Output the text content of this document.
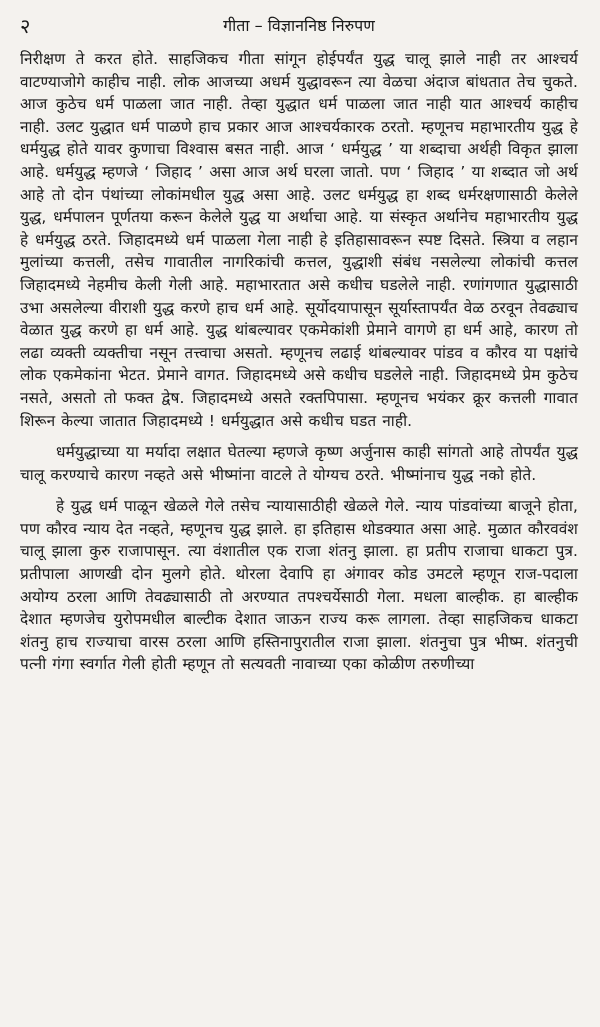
२	गीता – विज्ञाननिष्ठ निरुपण

निरीक्षण ते करत होते. साहजिकच गीता सांगून होईपर्यंत युद्ध चालू झाले नाही तर आश्चर्य वाटण्याजोगे काहीच नाही. लोक आजच्या अधर्म युद्धावरून त्या वेळचा अंदाज बांधतात तेच चुकते. आज कुठेच धर्म पाळला जात नाही. तेव्हा युद्धात धर्म पाळला जात नाही यात आश्चर्य काहीच नाही. उलट युद्धात धर्म पाळणे हाच प्रकार आज आश्चर्यकारक ठरतो. म्हणूनच महाभारतीय युद्ध हे धर्मयुद्ध होते यावर कुणाचा विश्वास बसत नाही. आज ‘ धर्मयुद्ध ’ या शब्दाचा अर्थही विकृत झाला आहे. धर्मयुद्ध म्हणजे ‘ जिहाद ’ असा आज अर्थ घरला जातो. पण ‘ जिहाद ’ या शब्दात जो अर्थ आहे तो दोन पंथांच्या लोकांमधील युद्ध असा आहे. उलट धर्मयुद्ध हा शब्द धर्मरक्षणासाठी केलेले युद्ध, धर्मपालन पूर्णतया करून केलेले युद्ध या अर्थाचा आहे. या संस्कृत अर्थानेच महाभारतीय युद्ध हे धर्मयुद्ध ठरते. जिहादमध्ये धर्म पाळला गेला नाही हे इतिहासावरून स्पष्ट दिसते. स्त्रिया व लहान मुलांच्या कत्तली, तसेच गावातील नागरिकांची कत्तल, युद्धाशी संबंध नसलेल्या लोकांची कत्तल जिहादमध्ये नेहमीच केली गेली आहे. महाभारतात असे कधीच घडलेले नाही. रणांगणात युद्धासाठी उभा असलेल्या वीराशी युद्ध करणे हाच धर्म आहे. सूर्योदयापासून सूर्यास्तापर्यंत वेळ ठरवून तेवढ्याच वेळात युद्ध करणे हा धर्म आहे. युद्ध थांबल्यावर एकमेकांशी प्रेमाने वागणे हा धर्म आहे, कारण तो लढा व्यक्ती व्यक्तीचा नसून तत्त्वाचा असतो. म्हणूनच लढाई थांबल्यावर पांडव व कौरव या पक्षांचे लोक एकमेकांना भेटत. प्रेमाने वागत. जिहादमध्ये असे कधीच घडलेले नाही. जिहादमध्ये प्रेम कुठेच नसते, असतो तो फक्त द्वेष. जिहादमध्ये असते रक्तपिपासा. म्हणूनच भयंकर क्रूर कत्तली गावात शिरून केल्या जातात जिहादमध्ये ! धर्मयुद्धात असे कधीच घडत नाही.

धर्मयुद्धाच्या या मर्यादा लक्षात घेतल्या म्हणजे कृष्ण अर्जुनास काही सांगतो आहे तोपर्यंत युद्ध चालू करण्याचे कारण नव्हते असे भीष्मांना वाटले ते योग्यच ठरते. भीष्मांनाच युद्ध नको होते.

हे युद्ध धर्म पाळून खेळले गेले तसेच न्यायासाठीही खेळले गेले. न्याय पांडवांच्या बाजूने होता, पण कौरव न्याय देत नव्हते, म्हणूनच युद्ध झाले. हा इतिहास थोडक्यात असा आहे. मुळात कौरववंश चालू झाला कुरु राजापासून. त्या वंशातील एक राजा शंतनु झाला. हा प्रतीप राजाचा धाकटा पुत्र. प्रतीपाला आणखी दोन मुलगे होते. थोरला देवापि हा अंगावर कोड उमटले म्हणून राज-पदाला अयोग्य ठरला आणि तेवढ्यासाठी तो अरण्यात तपश्चर्येसाठी गेला. मधला बाल्हीक. हा बाल्हीक देशात म्हणजेच युरोपमधील बाल्टीक देशात जाऊन राज्य करू लागला. तेव्हा साहजिकच धाकटा शंतनु हाच राज्याचा वारस ठरला आणि हस्तिनापुरातील राजा झाला. शंतनुचा पुत्र भीष्म. शंतनुची पत्नी गंगा स्वर्गात गेली होती म्हणून तो सत्यवती नावाच्या एका कोळीण तरुणीच्या
